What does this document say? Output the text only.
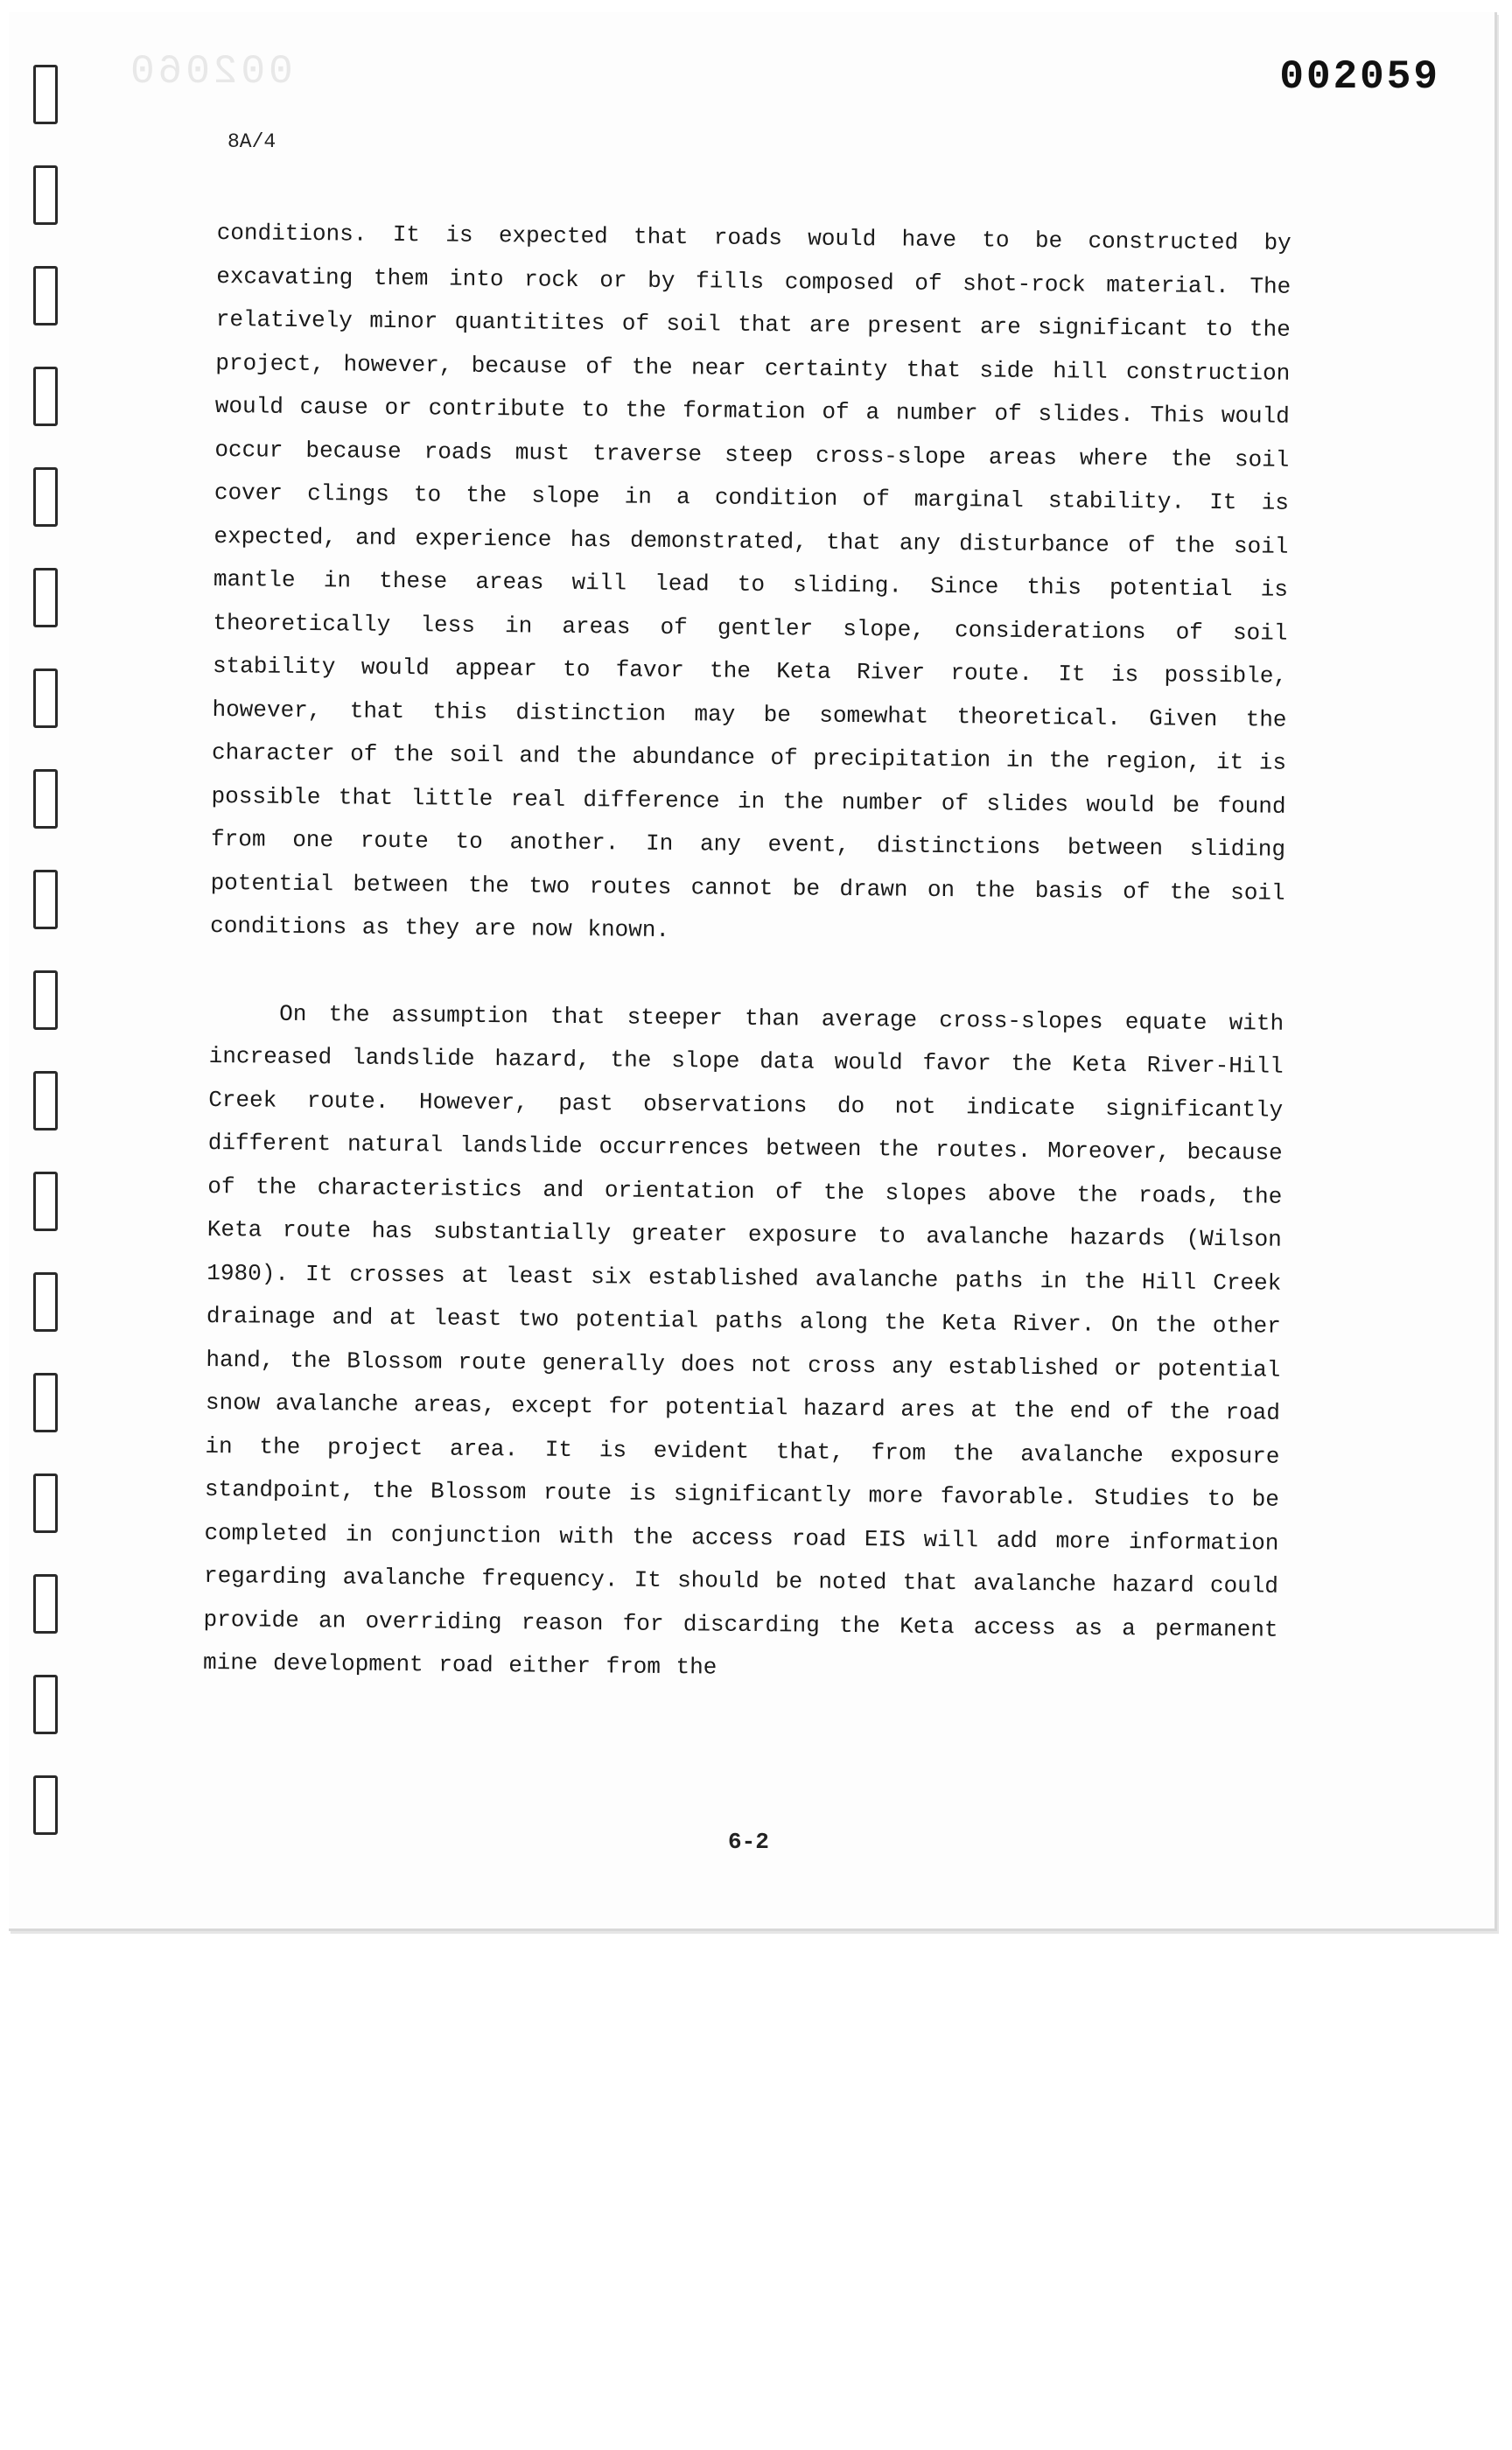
002060	002059
8A/4

conditions. It is expected that roads would have to be constructed by excavating them into rock or by fills composed of shot-rock material. The relatively minor quantitites of soil that are present are significant to the project, however, because of the near certainty that side hill construction would cause or contribute to the formation of a number of slides. This would occur because roads must traverse steep cross-slope areas where the soil cover clings to the slope in a condition of marginal stability. It is expected, and experience has demonstrated, that any disturbance of the soil mantle in these areas will lead to sliding. Since this potential is theoretically less in areas of gentler slope, considerations of soil stability would appear to favor the Keta River route. It is possible, however, that this distinction may be somewhat theoretical. Given the character of the soil and the abundance of precipitation in the region, it is possible that little real difference in the number of slides would be found from one route to another. In any event, distinctions between sliding potential between the two routes cannot be drawn on the basis of the soil conditions as they are now known.

On the assumption that steeper than average cross-slopes equate with increased landslide hazard, the slope data would favor the Keta River-Hill Creek route. However, past observations do not indicate significantly different natural landslide occurrences between the routes. Moreover, because of the characteristics and orientation of the slopes above the roads, the Keta route has substantially greater exposure to avalanche hazards (Wilson 1980). It crosses at least six established avalanche paths in the Hill Creek drainage and at least two potential paths along the Keta River. On the other hand, the Blossom route generally does not cross any established or potential snow avalanche areas, except for potential hazard ares at the end of the road in the project area. It is evident that, from the avalanche exposure standpoint, the Blossom route is significantly more favorable. Studies to be completed in conjunction with the access road EIS will add more information regarding avalanche frequency. It should be noted that avalanche hazard could provide an overriding reason for discarding the Keta access as a permanent mine development road either from the

6-2
